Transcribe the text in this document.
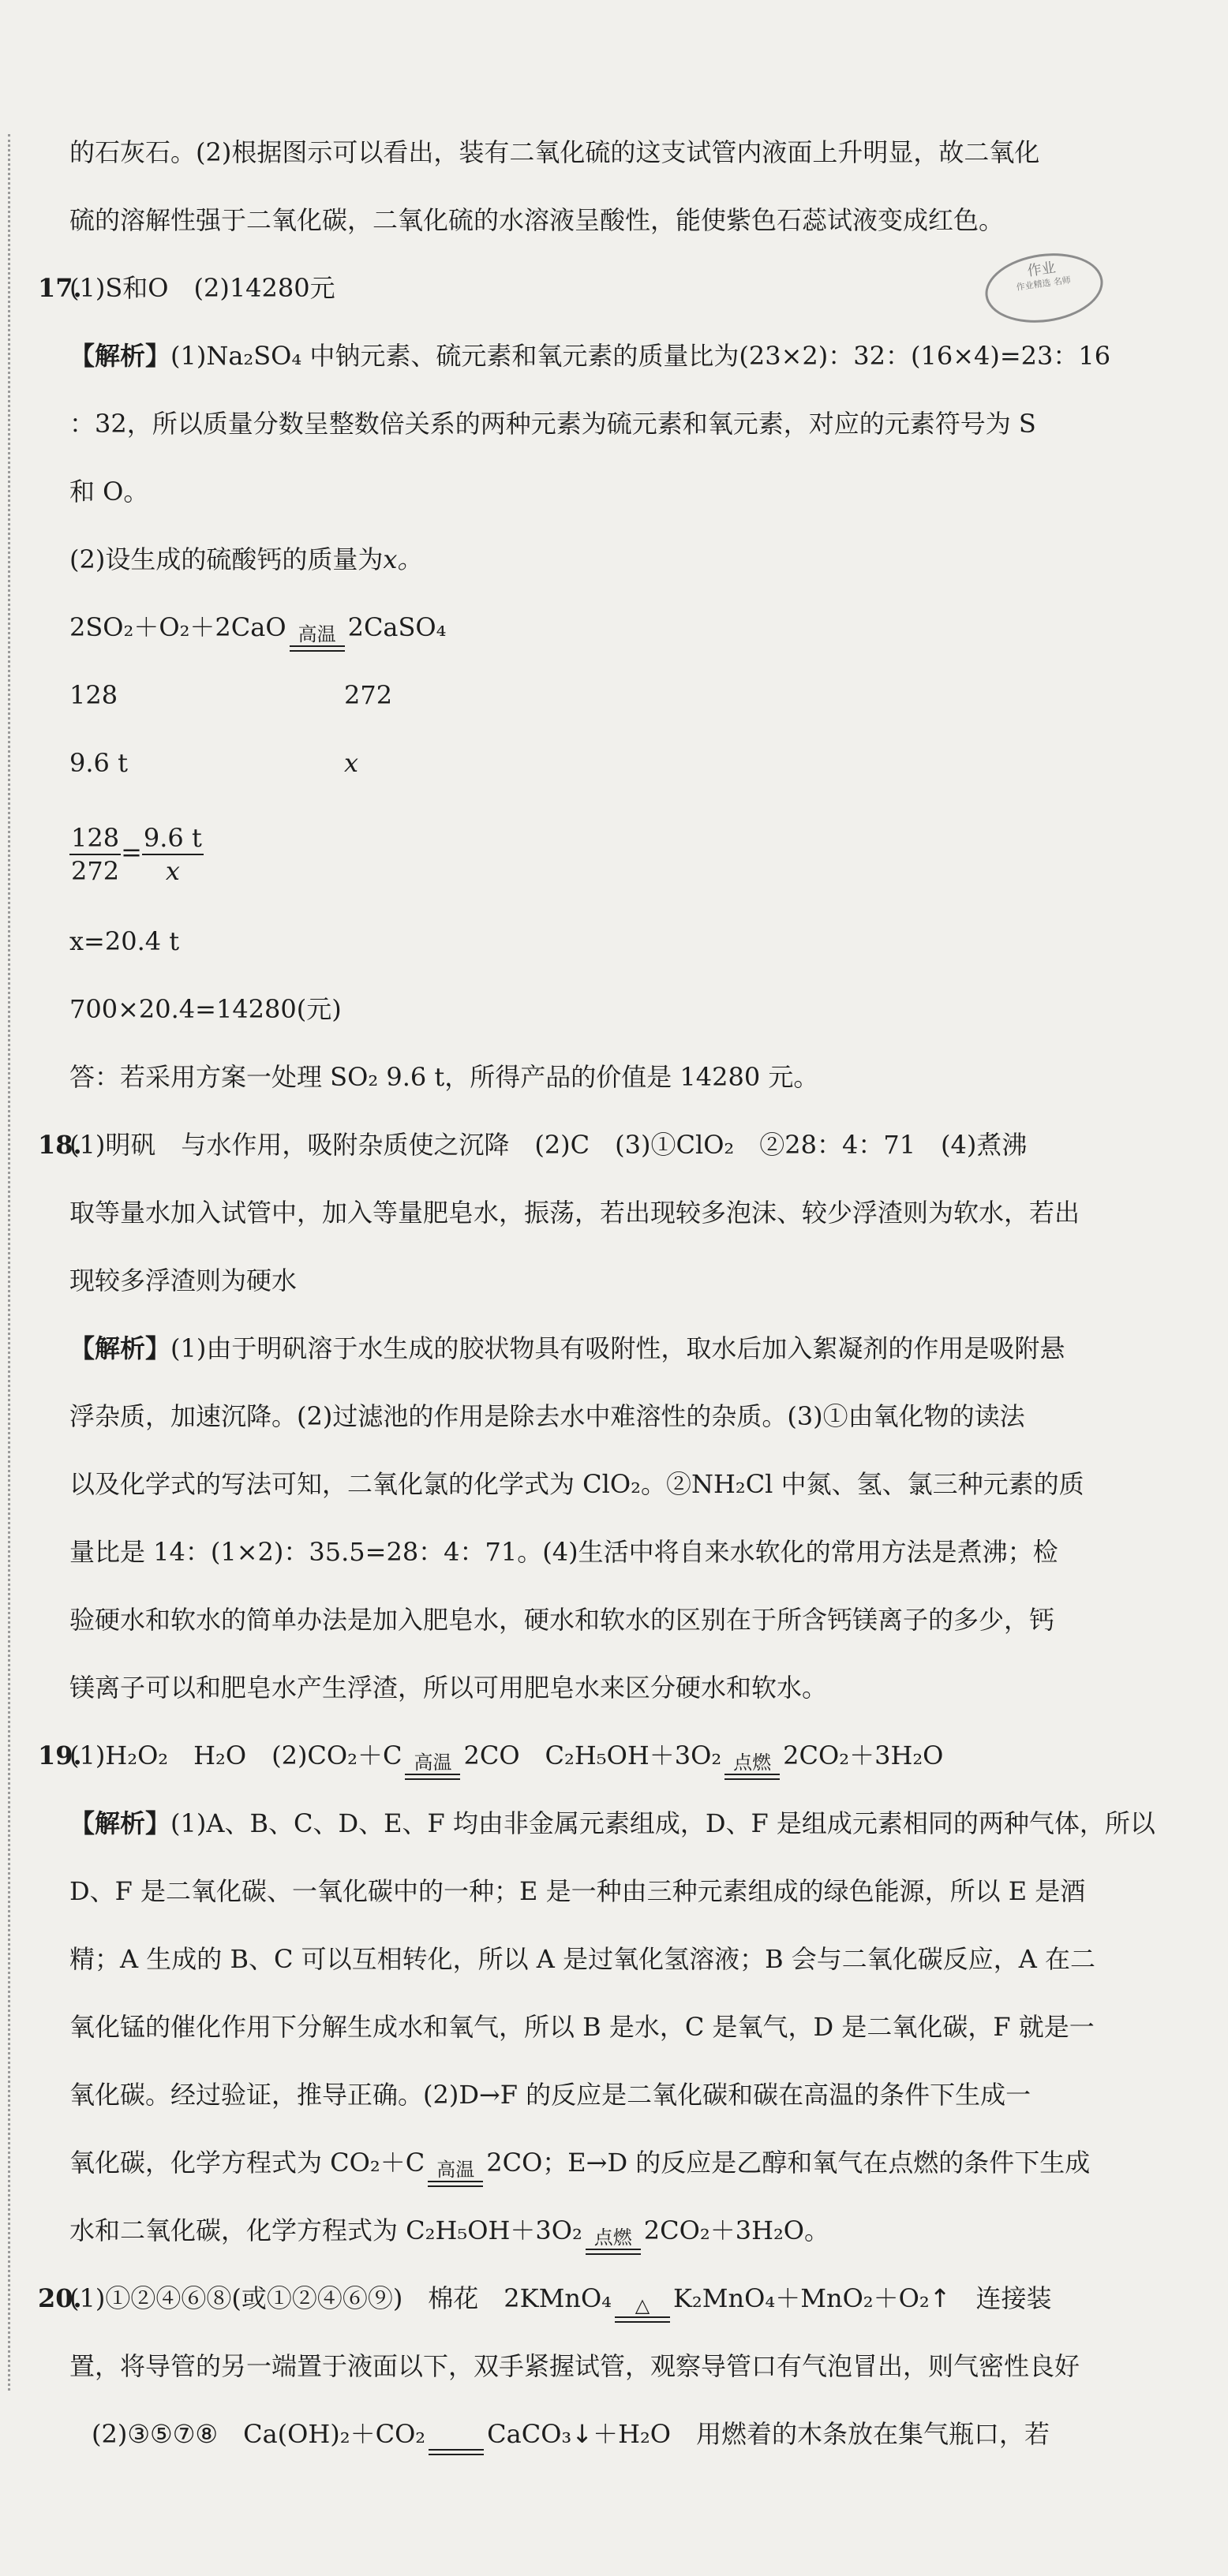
作业
作业精选 名师
的石灰石。(2)根据图示可以看出，装有二氧化硫的这支试管内液面上升明显，故二氧化
硫的溶解性强于二氧化碳，二氧化硫的水溶液呈酸性，能使紫色石蕊试液变成红色。
17.(1)S和O　(2)14280元
【解析】(1)Na₂SO₄ 中钠元素、硫元素和氧元素的质量比为(23×2)：32：(16×4)=23：16
：32，所以质量分数呈整数倍关系的两种元素为硫元素和氧元素，对应的元素符号为 S
和 O。
(2)设生成的硫酸钙的质量为x。
2SO₂＋O₂＋2CaO 高温 2CaSO₄
128	272
9.6 t	x
$\frac{128}{272} = \frac{9.6 t}{x}$
x=20.4 t
700×20.4=14280(元)
答：若采用方案一处理 SO₂ 9.6 t，所得产品的价值是 14280 元。
18.(1)明矾　与水作用，吸附杂质使之沉降　(2)C　(3)①ClO₂　②28：4：71　(4)煮沸
取等量水加入试管中，加入等量肥皂水，振荡，若出现较多泡沫、较少浮渣则为软水，若出
现较多浮渣则为硬水
【解析】(1)由于明矾溶于水生成的胶状物具有吸附性，取水后加入絮凝剂的作用是吸附悬
浮杂质，加速沉降。(2)过滤池的作用是除去水中难溶性的杂质。(3)①由氧化物的读法
以及化学式的写法可知，二氧化氯的化学式为 ClO₂。②NH₂Cl 中氮、氢、氯三种元素的质
量比是 14：(1×2)：35.5=28：4：71。(4)生活中将自来水软化的常用方法是煮沸；检
验硬水和软水的简单办法是加入肥皂水，硬水和软水的区别在于所含钙镁离子的多少，钙
镁离子可以和肥皂水产生浮渣，所以可用肥皂水来区分硬水和软水。
19.(1)H₂O₂　H₂O　(2)CO₂＋C 高温 2CO　C₂H₅OH＋3O₂ 点燃 2CO₂＋3H₂O
【解析】(1)A、B、C、D、E、F 均由非金属元素组成，D、F 是组成元素相同的两种气体，所以
D、F 是二氧化碳、一氧化碳中的一种；E 是一种由三种元素组成的绿色能源，所以 E 是酒
精；A 生成的 B、C 可以互相转化，所以 A 是过氧化氢溶液；B 会与二氧化碳反应，A 在二
氧化锰的催化作用下分解生成水和氧气，所以 B 是水，C 是氧气，D 是二氧化碳，F 就是一
氧化碳。经过验证，推导正确。(2)D→F 的反应是二氧化碳和碳在高温的条件下生成一
氧化碳，化学方程式为 CO₂＋C 高温 2CO；E→D 的反应是乙醇和氧气在点燃的条件下生成
水和二氧化碳，化学方程式为 C₂H₅OH＋3O₂ 点燃 2CO₂＋3H₂O。
20.(1)①②④⑥⑧(或①②④⑥⑨)　棉花　2KMnO₄ △ K₂MnO₄＋MnO₂＋O₂↑　 连接装
置，将导管的另一端置于液面以下，双手紧握试管，观察导管口有气泡冒出，则气密性良好
(2)③⑤⑦⑧　Ca(OH)₂＋CO₂ CaCO₃↓＋H₂O　用燃着的木条放在集气瓶口，若
